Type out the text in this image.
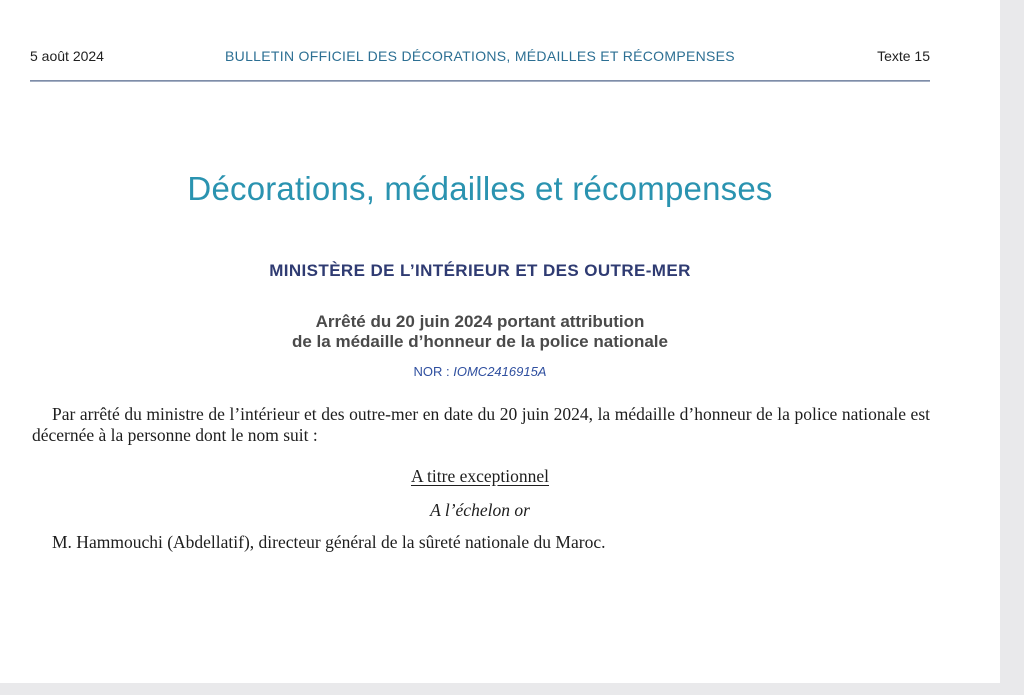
5 août 2024	BULLETIN OFFICIEL DES DÉCORATIONS, MÉDAILLES ET RÉCOMPENSES	Texte 15
Décorations, médailles et récompenses
MINISTÈRE DE L’INTÉRIEUR ET DES OUTRE-MER
Arrêté du 20 juin 2024 portant attribution
de la médaille d’honneur de la police nationale
NOR : IOMC2416915A
Par arrêté du ministre de l’intérieur et des outre-mer en date du 20 juin 2024, la médaille d’honneur de la police nationale est décernée à la personne dont le nom suit :
A titre exceptionnel
A l’échelon or
M. Hammouchi (Abdellatif), directeur général de la sûreté nationale du Maroc.
